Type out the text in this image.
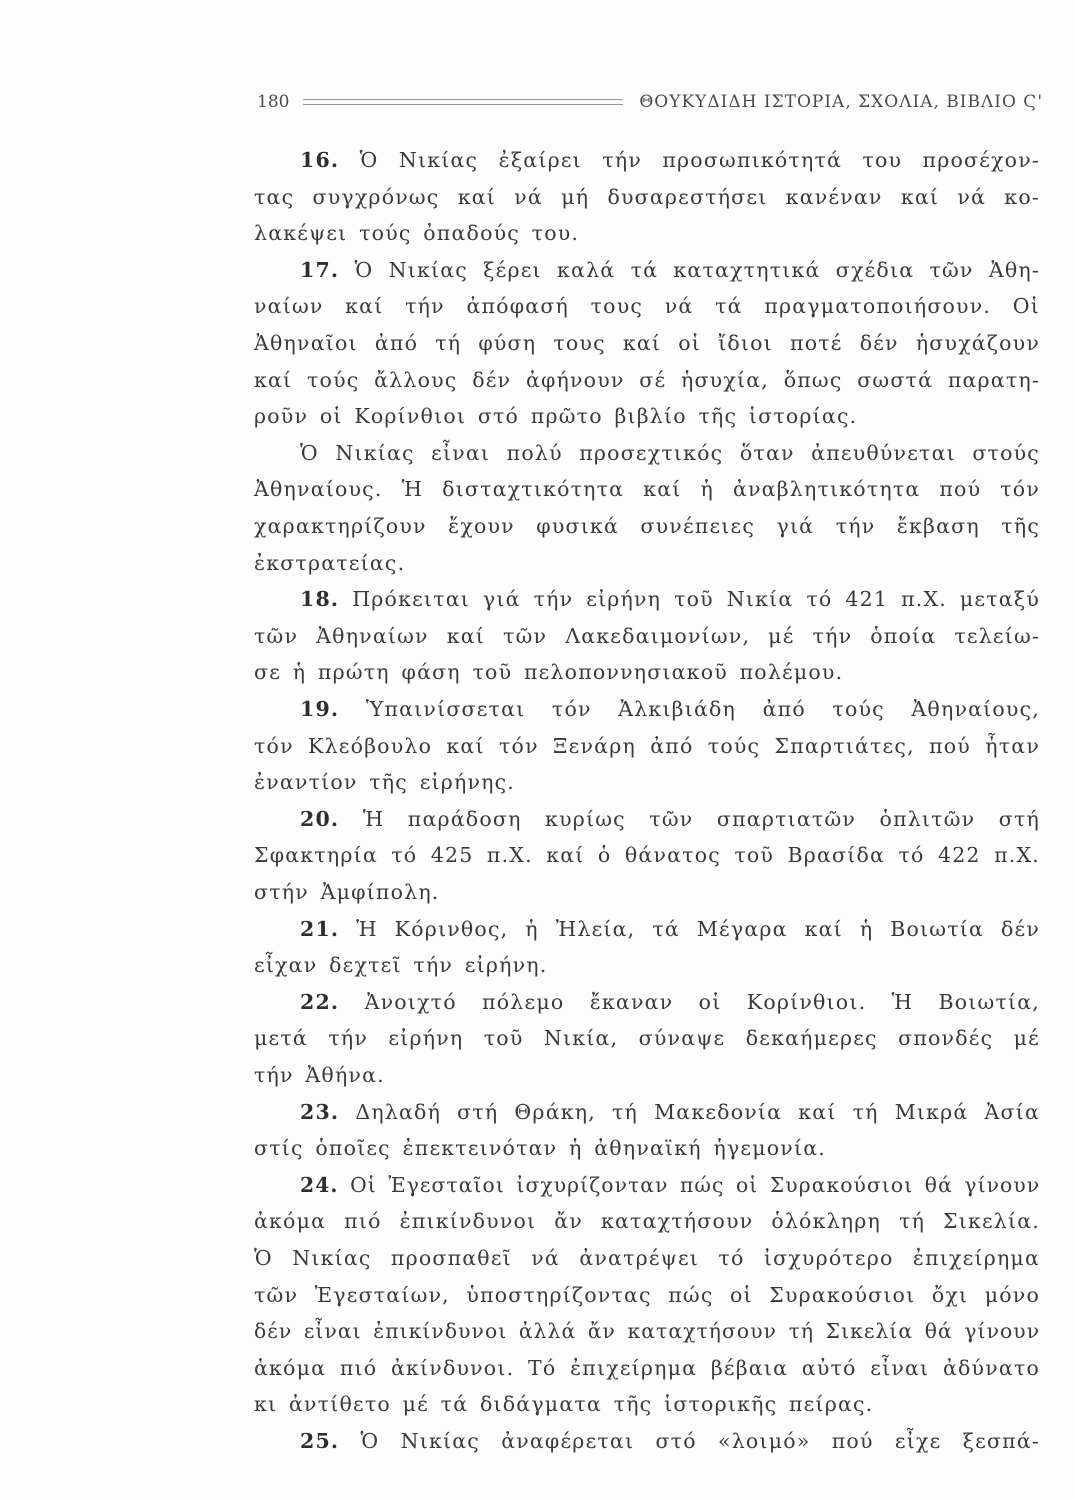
180	ΘΟΥΚΥΔΙΔΗ ΙΣΤΟΡΙΑ, ΣΧΟΛΙΑ, ΒΙΒΛΙΟ Ϛ'
16. Ὁ Νικίας ἐξαίρει τήν προσωπικότητά του προσέχον-
τας συγχρόνως καί νά μή δυσαρεστήσει κανέναν καί νά κο-
λακέψει τούς ὀπαδούς του.
17. Ὁ Νικίας ξέρει καλά τά καταχτητικά σχέδια τῶν Ἀθη-
ναίων καί τήν ἀπόφασή τους νά τά πραγματοποιήσουν. Οἱ
Ἀθηναῖοι ἀπό τή φύση τους καί οἱ ἴδιοι ποτέ δέν ἡσυχάζουν
καί τούς ἄλλους δέν ἀφήνουν σέ ἡσυχία, ὅπως σωστά παρατη-
ροῦν οἱ Κορίνθιοι στό πρῶτο βιβλίο τῆς ἱστορίας.
Ὁ Νικίας εἶναι πολύ προσεχτικός ὅταν ἀπευθύνεται στούς
Ἀθηναίους. Ἡ δισταχτικότητα καί ἡ ἀναβλητικότητα πού τόν
χαρακτηρίζουν ἔχουν φυσικά συνέπειες γιά τήν ἔκβαση τῆς
ἐκστρατείας.
18. Πρόκειται γιά τήν εἰρήνη τοῦ Νικία τό 421 π.Χ. μεταξύ
τῶν Ἀθηναίων καί τῶν Λακεδαιμονίων, μέ τήν ὁποία τελείω-
σε ἡ πρώτη φάση τοῦ πελοποννησιακοῦ πολέμου.
19. Ὑπαινίσσεται τόν Ἀλκιβιάδη ἀπό τούς Ἀθηναίους,
τόν Κλεόβουλο καί τόν Ξενάρη ἀπό τούς Σπαρτιάτες, πού ἦταν
ἐναντίον τῆς εἰρήνης.
20. Ἡ παράδοση κυρίως τῶν σπαρτιατῶν ὁπλιτῶν στή
Σφακτηρία τό 425 π.Χ. καί ὁ θάνατος τοῦ Βρασίδα τό 422 π.Χ.
στήν Ἀμφίπολη.
21. Ἡ Κόρινθος, ἡ Ἠλεία, τά Μέγαρα καί ἡ Βοιωτία δέν
εἶχαν δεχτεῖ τήν εἰρήνη.
22. Ἀνοιχτό πόλεμο ἔκαναν οἱ Κορίνθιοι. Ἡ Βοιωτία,
μετά τήν εἰρήνη τοῦ Νικία, σύναψε δεκαήμερες σπονδές μέ
τήν Ἀθήνα.
23. Δηλαδή στή Θράκη, τή Μακεδονία καί τή Μικρά Ἀσία
στίς ὁποῖες ἐπεκτεινόταν ἡ ἀθηναϊκή ἡγεμονία.
24. Οἱ Ἐγεσταῖοι ἰσχυρίζονταν πώς οἱ Συρακούσιοι θά γίνουν
ἀκόμα πιό ἐπικίνδυνοι ἄν καταχτήσουν ὁλόκληρη τή Σικελία.
Ὁ Νικίας προσπαθεῖ νά ἀνατρέψει τό ἰσχυρότερο ἐπιχείρημα
τῶν Ἐγεσταίων, ὑποστηρίζοντας πώς οἱ Συρακούσιοι ὄχι μόνο
δέν εἶναι ἐπικίνδυνοι ἀλλά ἄν καταχτήσουν τή Σικελία θά γίνουν
ἀκόμα πιό ἀκίνδυνοι. Τό ἐπιχείρημα βέβαια αὐτό εἶναι ἀδύνατο
κι ἀντίθετο μέ τά διδάγματα τῆς ἱστορικῆς πείρας.
25. Ὁ Νικίας ἀναφέρεται στό «λοιμό» πού εἶχε ξεσπά-
